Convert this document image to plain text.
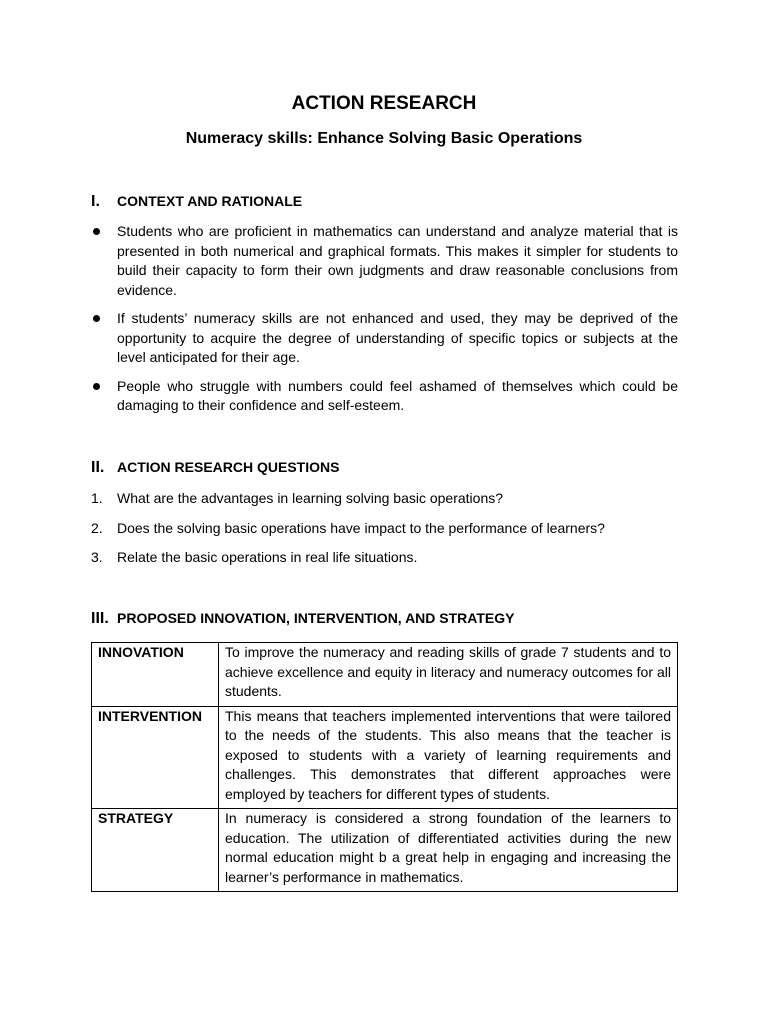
ACTION RESEARCH
Numeracy skills: Enhance Solving Basic Operations
I.	CONTEXT AND RATIONALE
Students who are proficient in mathematics can understand and analyze material that is presented in both numerical and graphical formats. This makes it simpler for students to build their capacity to form their own judgments and draw reasonable conclusions from evidence.
If students’ numeracy skills are not enhanced and used, they may be deprived of the opportunity to acquire the degree of understanding of specific topics or subjects at the level anticipated for their age.
People who struggle with numbers could feel ashamed of themselves which could be damaging to their confidence and self-esteem.
II. ACTION RESEARCH QUESTIONS
1. What are the advantages in learning solving basic operations?
2. Does the solving basic operations have impact to the performance of learners?
3. Relate the basic operations in real life situations.
III. PROPOSED INNOVATION, INTERVENTION, AND STRATEGY
INNOVATION	To improve the numeracy and reading skills of grade 7 students and to achieve excellence and equity in literacy and numeracy outcomes for all students.
INTERVENTION	This means that teachers implemented interventions that were tailored to the needs of the students. This also means that the teacher is exposed to students with a variety of learning requirements and challenges. This demonstrates that different approaches were employed by teachers for different types of students.
STRATEGY	In numeracy is considered a strong foundation of the learners to education. The utilization of differentiated activities during the new normal education might b a great help in engaging and increasing the learner’s performance in mathematics.
